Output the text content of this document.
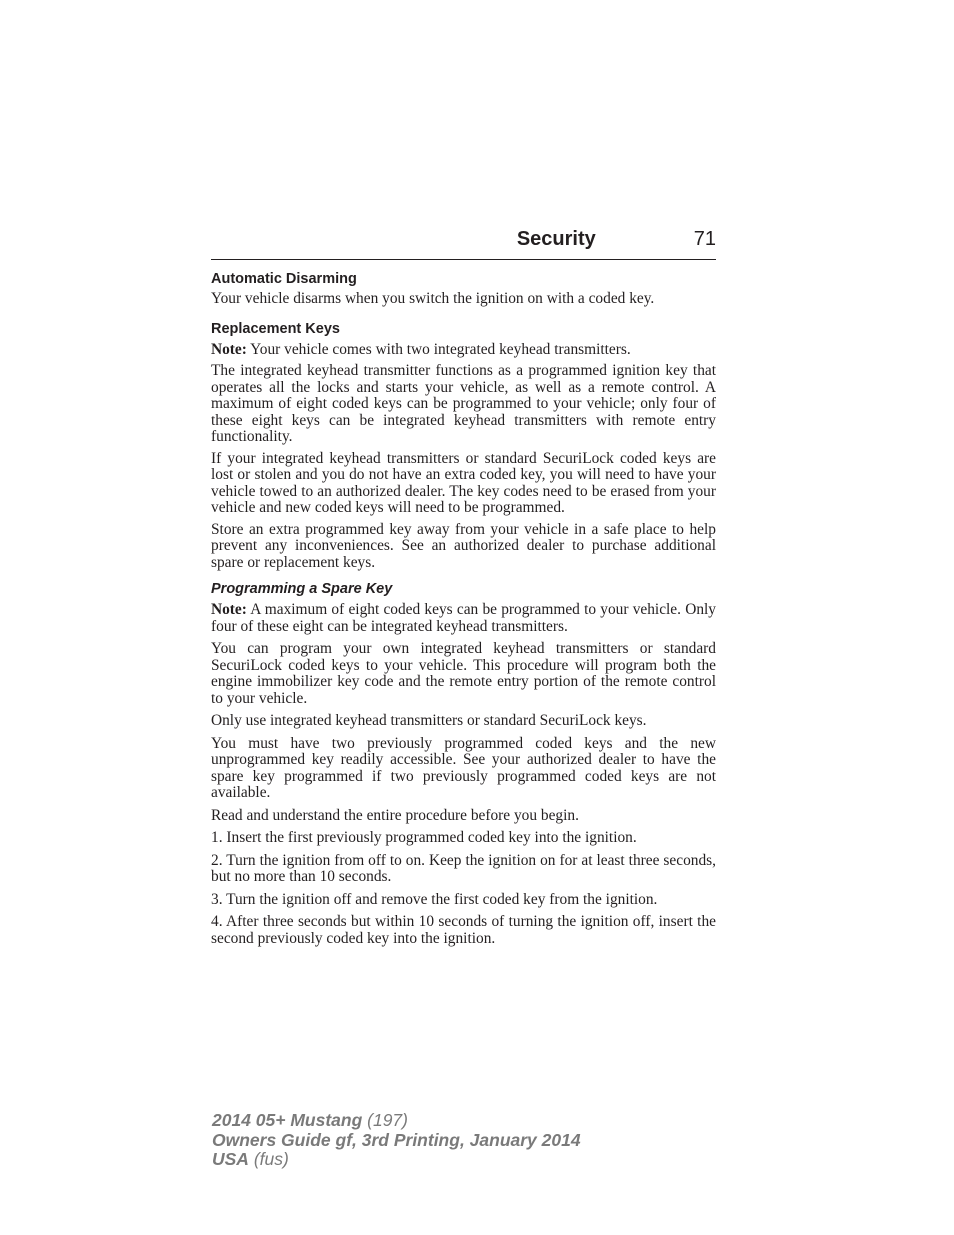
Security	71
Automatic Disarming

Your vehicle disarms when you switch the ignition on with a coded key.

Replacement Keys

Note: Your vehicle comes with two integrated keyhead transmitters.

The integrated keyhead transmitter functions as a programmed ignition key that operates all the locks and starts your vehicle, as well as a remote control. A maximum of eight coded keys can be programmed to your vehicle; only four of these eight keys can be integrated keyhead transmitters with remote entry functionality.

If your integrated keyhead transmitters or standard SecuriLock coded keys are lost or stolen and you do not have an extra coded key, you will need to have your vehicle towed to an authorized dealer. The key codes need to be erased from your vehicle and new coded keys will need to be programmed.

Store an extra programmed key away from your vehicle in a safe place to help prevent any inconveniences. See an authorized dealer to purchase additional spare or replacement keys.

Programming a Spare Key

Note: A maximum of eight coded keys can be programmed to your vehicle. Only four of these eight can be integrated keyhead transmitters.

You can program your own integrated keyhead transmitters or standard SecuriLock coded keys to your vehicle. This procedure will program both the engine immobilizer key code and the remote entry portion of the remote control to your vehicle.

Only use integrated keyhead transmitters or standard SecuriLock keys.

You must have two previously programmed coded keys and the new unprogrammed key readily accessible. See your authorized dealer to have the spare key programmed if two previously programmed coded keys are not available.

Read and understand the entire procedure before you begin.

1. Insert the first previously programmed coded key into the ignition.

2. Turn the ignition from off to on. Keep the ignition on for at least three seconds, but no more than 10 seconds.

3. Turn the ignition off and remove the first coded key from the ignition.

4. After three seconds but within 10 seconds of turning the ignition off, insert the second previously coded key into the ignition.

2014 05+ Mustang (197)
Owners Guide gf, 3rd Printing, January 2014
USA (fus)
